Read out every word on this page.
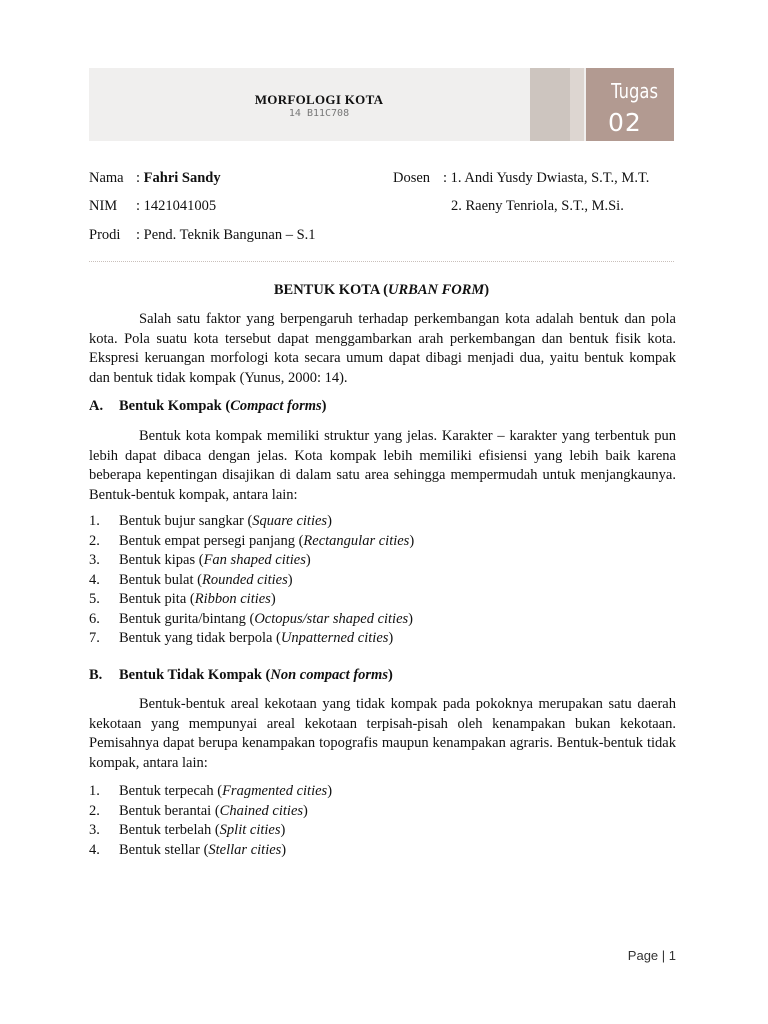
MORFOLOGI KOTA
14 B11C708
Tugas
02
Nama : Fahri Sandy
NIM : 1421041005
Prodi : Pend. Teknik Bangunan – S.1
Dosen : 1. Andi Yusdy Dwiasta, S.T., M.T.
2. Raeny Tenriola, S.T., M.Si.
BENTUK KOTA (URBAN FORM)

Salah satu faktor yang berpengaruh terhadap perkembangan kota adalah bentuk dan pola kota. Pola suatu kota tersebut dapat menggambarkan arah perkembangan dan bentuk fisik kota. Ekspresi keruangan morfologi kota secara umum dapat dibagi menjadi dua, yaitu bentuk kompak dan bentuk tidak kompak (Yunus, 2000: 14).

A. Bentuk Kompak (Compact forms)

Bentuk kota kompak memiliki struktur yang jelas. Karakter – karakter yang terbentuk pun lebih dapat dibaca dengan jelas. Kota kompak lebih memiliki efisiensi yang lebih baik karena beberapa kepentingan disajikan di dalam satu area sehingga mempermudah untuk menjangkaunya. Bentuk-bentuk kompak, antara lain:

1. Bentuk bujur sangkar (Square cities)
2. Bentuk empat persegi panjang (Rectangular cities)
3. Bentuk kipas (Fan shaped cities)
4. Bentuk bulat (Rounded cities)
5. Bentuk pita (Ribbon cities)
6. Bentuk gurita/bintang (Octopus/star shaped cities)
7. Bentuk yang tidak berpola (Unpatterned cities)
B. Bentuk Tidak Kompak (Non compact forms)

Bentuk-bentuk areal kekotaan yang tidak kompak pada pokoknya merupakan satu daerah kekotaan yang mempunyai areal kekotaan terpisah-pisah oleh kenampakan bukan kekotaan. Pemisahnya dapat berupa kenampakan topografis maupun kenampakan agraris. Bentuk-bentuk tidak kompak, antara lain:

1. Bentuk terpecah (Fragmented cities)
2. Bentuk berantai (Chained cities)
3. Bentuk terbelah (Split cities)
4. Bentuk stellar (Stellar cities)
Page | 1
